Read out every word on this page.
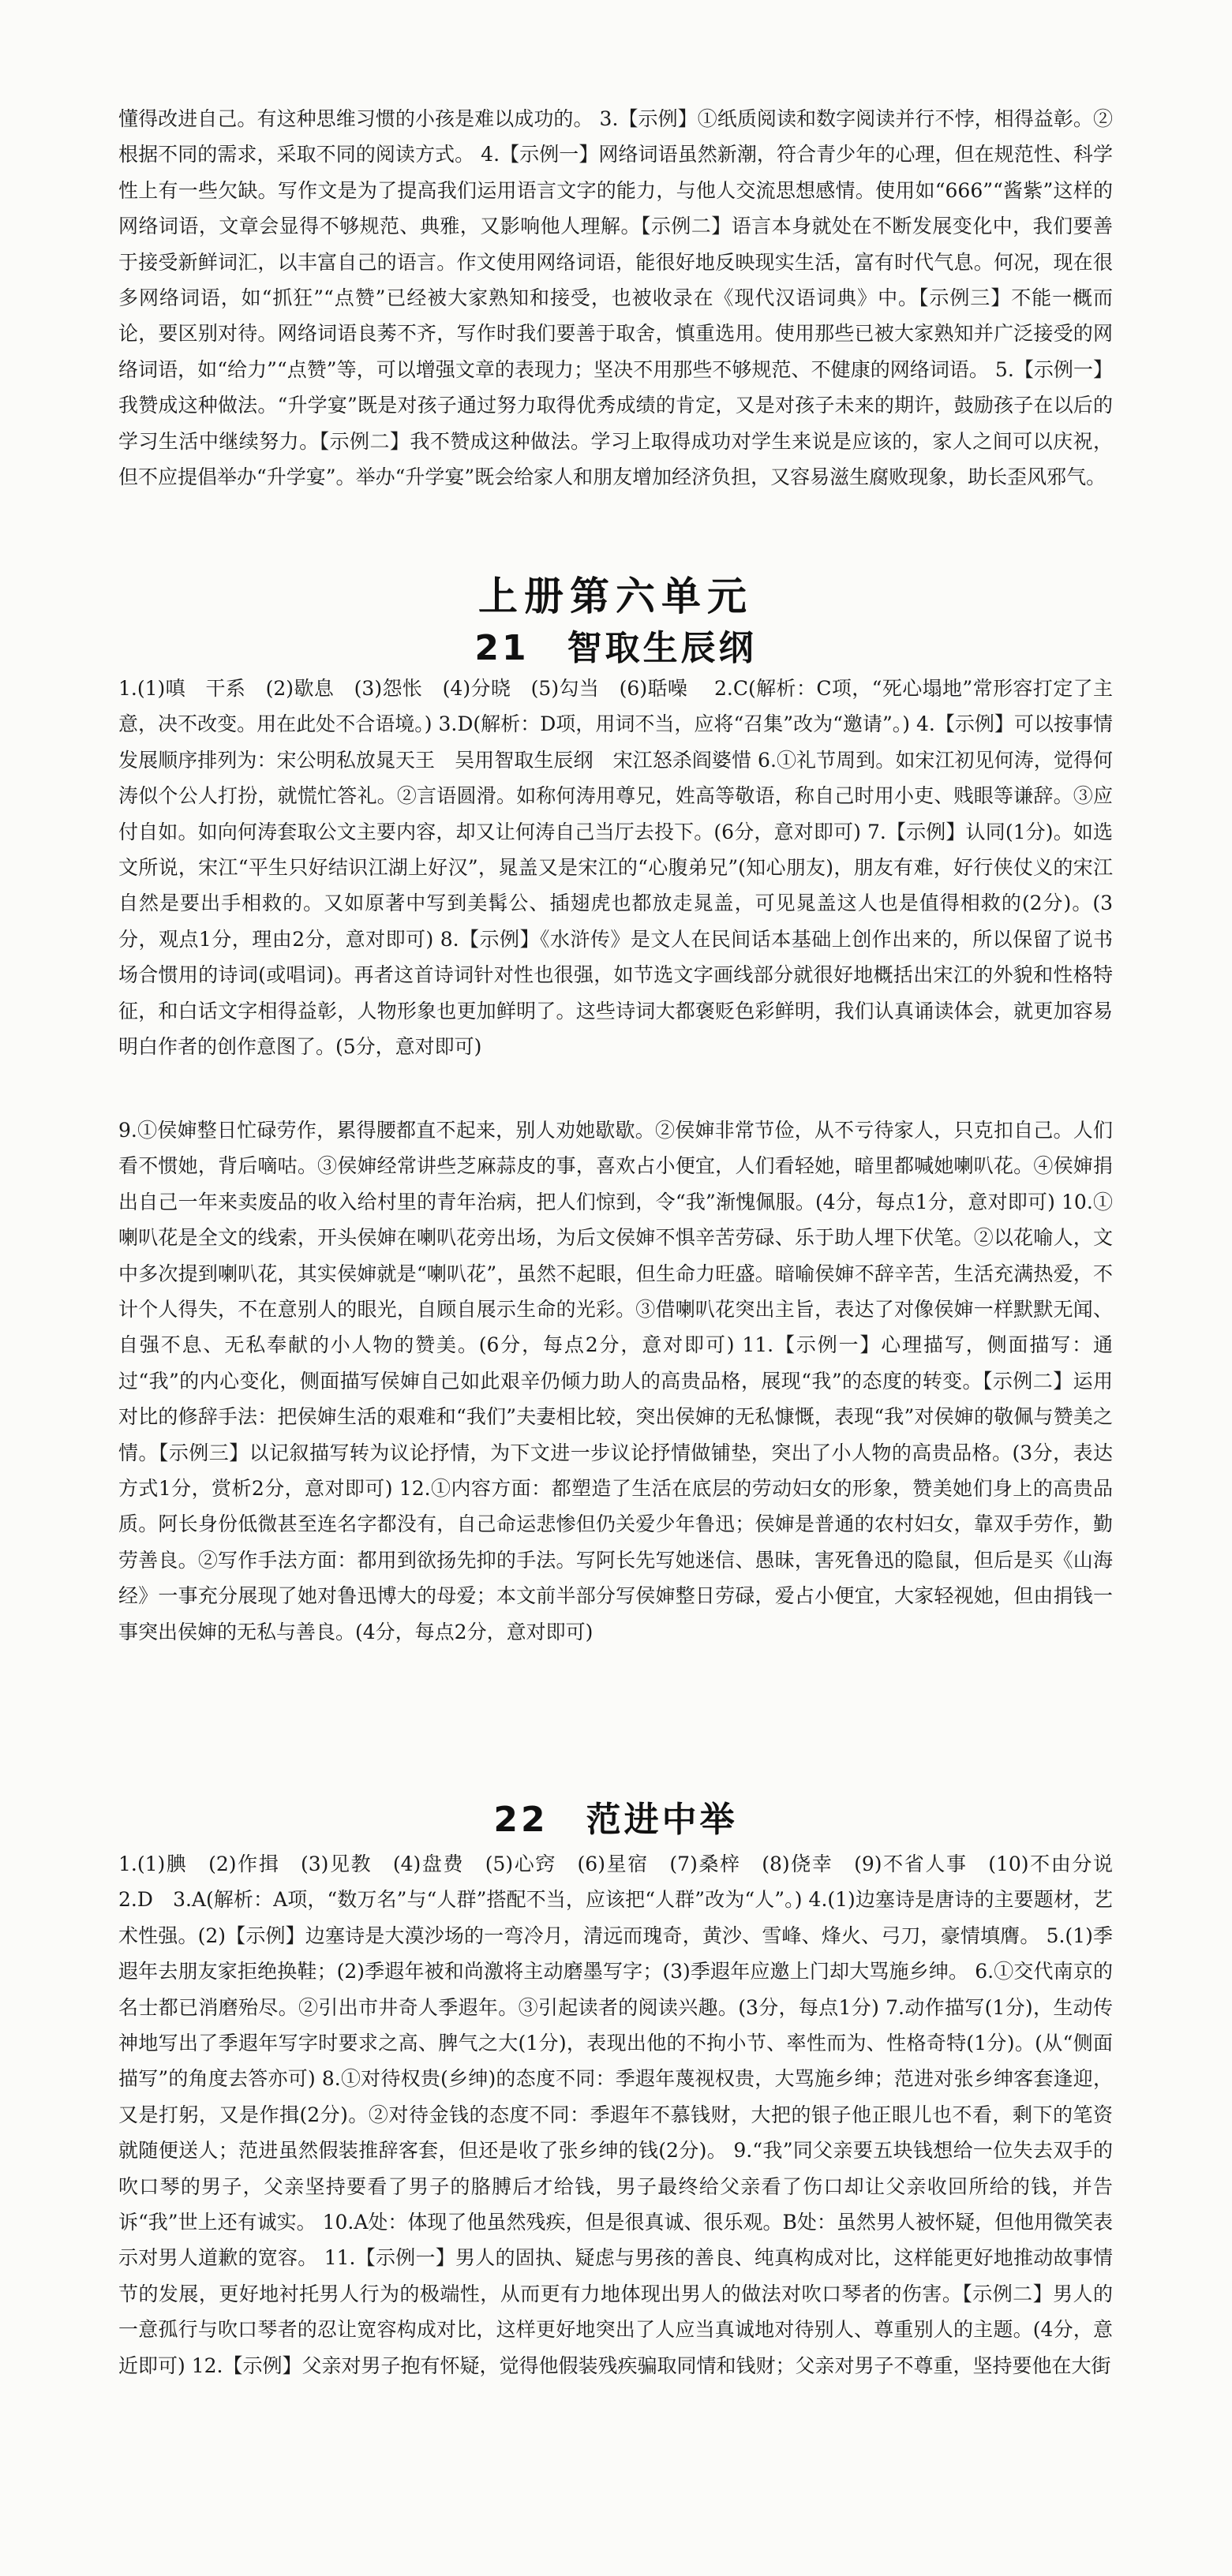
懂得改进自己。有这种思维习惯的小孩是难以成功的。 3.【示例】①纸质阅读和数字阅读并行不悖，相得益彰。②根据不同的需求，采取不同的阅读方式。 4.【示例一】网络词语虽然新潮，符合青少年的心理，但在规范性、科学性上有一些欠缺。写作文是为了提高我们运用语言文字的能力，与他人交流思想感情。使用如“666”“酱紫”这样的网络词语，文章会显得不够规范、典雅，又影响他人理解。【示例二】语言本身就处在不断发展变化中，我们要善于接受新鲜词汇，以丰富自己的语言。作文使用网络词语，能很好地反映现实生活，富有时代气息。何况，现在很多网络词语，如“抓狂”“点赞”已经被大家熟知和接受，也被收录在《现代汉语词典》中。【示例三】不能一概而论，要区别对待。网络词语良莠不齐，写作时我们要善于取舍，慎重选用。使用那些已被大家熟知并广泛接受的网络词语，如“给力”“点赞”等，可以增强文章的表现力；坚决不用那些不够规范、不健康的网络词语。 5.【示例一】我赞成这种做法。“升学宴”既是对孩子通过努力取得优秀成绩的肯定，又是对孩子未来的期许，鼓励孩子在以后的学习生活中继续努力。【示例二】我不赞成这种做法。学习上取得成功对学生来说是应该的，家人之间可以庆祝，但不应提倡举办“升学宴”。举办“升学宴”既会给家人和朋友增加经济负担，又容易滋生腐败现象，助长歪风邪气。

上册第六单元
21　智取生辰纲

1.(1)嗔　干系　(2)歇息　(3)怨怅　(4)分晓　(5)勾当　(6)聒噪　 2.C(解析：C项，“死心塌地”常形容打定了主意，决不改变。用在此处不合语境。) 3.D(解析：D项，用词不当，应将“召集”改为“邀请”。) 4.【示例】可以按事情发展顺序排列为：宋公明私放晁天王　吴用智取生辰纲　宋江怒杀阎婆惜 6.①礼节周到。如宋江初见何涛，觉得何涛似个公人打扮，就慌忙答礼。②言语圆滑。如称何涛用尊兄，姓高等敬语，称自己时用小吏、贱眼等谦辞。③应付自如。如向何涛套取公文主要内容，却又让何涛自己当厅去投下。(6分，意对即可) 7.【示例】认同(1分)。如选文所说，宋江“平生只好结识江湖上好汉”，晁盖又是宋江的“心腹弟兄”(知心朋友)，朋友有难，好行侠仗义的宋江自然是要出手相救的。又如原著中写到美髯公、插翅虎也都放走晁盖，可见晁盖这人也是值得相救的(2分)。(3分，观点1分，理由2分，意对即可) 8.【示例】《水浒传》是文人在民间话本基础上创作出来的，所以保留了说书场合惯用的诗词(或唱词)。再者这首诗词针对性也很强，如节选文字画线部分就很好地概括出宋江的外貌和性格特征，和白话文字相得益彰，人物形象也更加鲜明了。这些诗词大都褒贬色彩鲜明，我们认真诵读体会，就更加容易明白作者的创作意图了。(5分，意对即可)

9.①侯婶整日忙碌劳作，累得腰都直不起来，别人劝她歇歇。②侯婶非常节俭，从不亏待家人，只克扣自己。人们看不惯她，背后嘀咕。③侯婶经常讲些芝麻蒜皮的事，喜欢占小便宜，人们看轻她，暗里都喊她喇叭花。④侯婶捐出自己一年来卖废品的收入给村里的青年治病，把人们惊到，令“我”渐愧佩服。(4分，每点1分，意对即可) 10.①喇叭花是全文的线索，开头侯婶在喇叭花旁出场，为后文侯婶不惧辛苦劳碌、乐于助人埋下伏笔。②以花喻人，文中多次提到喇叭花，其实侯婶就是“喇叭花”，虽然不起眼，但生命力旺盛。暗喻侯婶不辞辛苦，生活充满热爱，不计个人得失，不在意别人的眼光，自顾自展示生命的光彩。③借喇叭花突出主旨，表达了对像侯婶一样默默无闻、自强不息、无私奉献的小人物的赞美。(6分，每点2分，意对即可) 11.【示例一】心理描写，侧面描写：通过“我”的内心变化，侧面描写侯婶自己如此艰辛仍倾力助人的高贵品格，展现“我”的态度的转变。【示例二】运用对比的修辞手法：把侯婶生活的艰难和“我们”夫妻相比较，突出侯婶的无私慷慨，表现“我”对侯婶的敬佩与赞美之情。【示例三】以记叙描写转为议论抒情，为下文进一步议论抒情做铺垫，突出了小人物的高贵品格。(3分，表达方式1分，赏析2分，意对即可) 12.①内容方面：都塑造了生活在底层的劳动妇女的形象，赞美她们身上的高贵品质。阿长身份低微甚至连名字都没有，自己命运悲惨但仍关爱少年鲁迅；侯婶是普通的农村妇女，靠双手劳作，勤劳善良。②写作手法方面：都用到欲扬先抑的手法。写阿长先写她迷信、愚昧，害死鲁迅的隐鼠，但后是买《山海经》一事充分展现了她对鲁迅博大的母爱；本文前半部分写侯婶整日劳碌，爱占小便宜，大家轻视她，但由捐钱一事突出侯婶的无私与善良。(4分，每点2分，意对即可)

22　范进中举

1.(1)腆　(2)作揖　(3)见教　(4)盘费　(5)心窍　(6)星宿　(7)桑梓　(8)侥幸　(9)不省人事　(10)不由分说　 2.D　3.A(解析：A项，“数万名”与“人群”搭配不当，应该把“人群”改为“人”。) 4.(1)边塞诗是唐诗的主要题材，艺术性强。(2)【示例】边塞诗是大漠沙场的一弯冷月，清远而瑰奇，黄沙、雪峰、烽火、弓刀，豪情填膺。 5.(1)季遐年去朋友家拒绝换鞋；(2)季遐年被和尚激将主动磨墨写字；(3)季遐年应邀上门却大骂施乡绅。 6.①交代南京的名士都已消磨殆尽。②引出市井奇人季遐年。③引起读者的阅读兴趣。(3分，每点1分) 7.动作描写(1分)，生动传神地写出了季遐年写字时要求之高、脾气之大(1分)，表现出他的不拘小节、率性而为、性格奇特(1分)。(从“侧面描写”的角度去答亦可) 8.①对待权贵(乡绅)的态度不同：季遐年蔑视权贵，大骂施乡绅；范进对张乡绅客套逢迎，又是打躬，又是作揖(2分)。②对待金钱的态度不同：季遐年不慕钱财，大把的银子他正眼儿也不看，剩下的笔资就随便送人；范进虽然假装推辞客套，但还是收了张乡绅的钱(2分)。 9.“我”同父亲要五块钱想给一位失去双手的吹口琴的男子，父亲坚持要看了男子的胳膊后才给钱，男子最终给父亲看了伤口却让父亲收回所给的钱，并告诉“我”世上还有诚实。 10.A处：体现了他虽然残疾，但是很真诚、很乐观。B处：虽然男人被怀疑，但他用微笑表示对男人道歉的宽容。 11.【示例一】男人的固执、疑虑与男孩的善良、纯真构成对比，这样能更好地推动故事情节的发展，更好地衬托男人行为的极端性，从而更有力地体现出男人的做法对吹口琴者的伤害。【示例二】男人的一意孤行与吹口琴者的忍让宽容构成对比，这样更好地突出了人应当真诚地对待别人、尊重别人的主题。(4分，意近即可) 12.【示例】父亲对男子抱有怀疑，觉得他假装残疾骗取同情和钱财；父亲对男子不尊重，坚持要他在大街
